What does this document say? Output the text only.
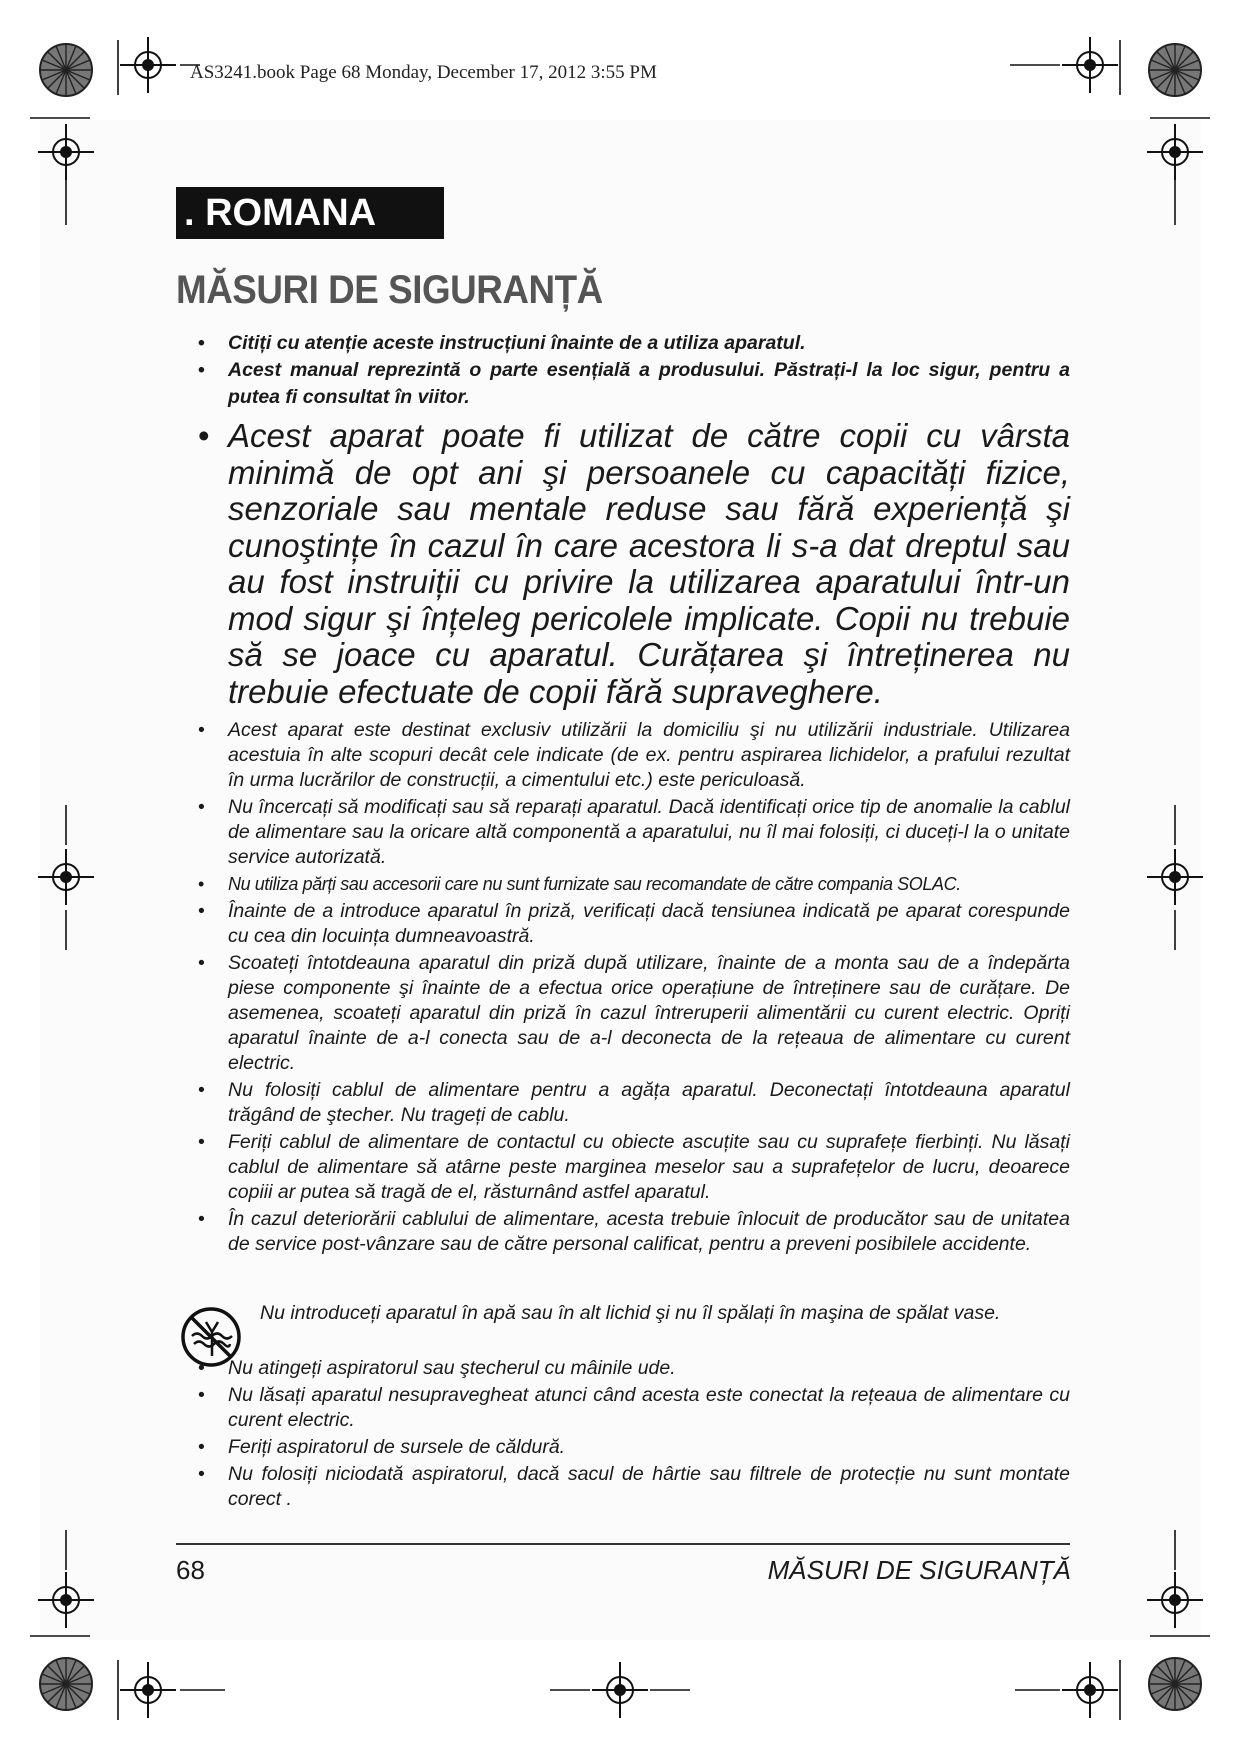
AS3241.book Page 68 Monday, December 17, 2012 3:55 PM
. ROMANA
MĂSURI DE SIGURANȚĂ
• Citiți cu atenție aceste instrucțiuni înainte de a utiliza aparatul.
• Acest manual reprezintă o parte esențială a produsului. Păstrați-l la loc sigur, pentru a putea fi consultat în viitor.
• Acest aparat poate fi utilizat de către copii cu vârsta minimă de opt ani şi persoanele cu capacități fizice, senzoriale sau mentale reduse sau fără experiență şi cunoştințe în cazul în care acestora li s-a dat dreptul sau au fost instruiții cu privire la utilizarea aparatului într-un mod sigur şi înțeleg pericolele implicate. Copii nu trebuie să se joace cu aparatul. Curățarea şi întreținerea nu trebuie efectuate de copii fără supraveghere.
• Acest aparat este destinat exclusiv utilizării la domiciliu şi nu utilizării industriale. Utilizarea acestuia în alte scopuri decât cele indicate (de ex. pentru aspirarea lichidelor, a prafului rezultat în urma lucrărilor de construcții, a cimentului etc.) este periculoasă.
• Nu încercați să modificați sau să reparați aparatul. Dacă identificați orice tip de anomalie la cablul de alimentare sau la oricare altă componentă a aparatului, nu îl mai folosiți, ci duceți-l la o unitate service autorizată.
• Nu utiliza părți sau accesorii care nu sunt furnizate sau recomandate de către compania SOLAC.
• Înainte de a introduce aparatul în priză, verificați dacă tensiunea indicată pe aparat corespunde cu cea din locuința dumneavoastră.
• Scoateți întotdeauna aparatul din priză după utilizare, înainte de a monta sau de a îndepărta piese componente şi înainte de a efectua orice operațiune de întreținere sau de curățare. De asemenea, scoateți aparatul din priză în cazul întreruperii alimentării cu curent electric. Opriți aparatul înainte de a-l conecta sau de a-l deconecta de la rețeaua de alimentare cu curent electric.
• Nu folosiți cablul de alimentare pentru a agăța aparatul. Deconectați întotdeauna aparatul trăgând de ştecher. Nu trageți de cablu.
• Feriți cablul de alimentare de contactul cu obiecte ascuțite sau cu suprafețe fierbinți. Nu lăsați cablul de alimentare să atârne peste marginea meselor sau a suprafețelor de lucru, deoarece copiii ar putea să tragă de el, răsturnând astfel aparatul.
• În cazul deteriorării cablului de alimentare, acesta trebuie înlocuit de producător sau de unitatea de service post-vânzare sau de către personal calificat, pentru a preveni posibilele accidente.
Nu introduceți aparatul în apă sau în alt lichid şi nu îl spălați în maşina de spălat vase.
• Nu atingeți aspiratorul sau ştecherul cu mâinile ude.
• Nu lăsați aparatul nesupravegheat atunci când acesta este conectat la rețeaua de alimentare cu curent electric.
• Feriți aspiratorul de sursele de căldură.
• Nu folosiți niciodată aspiratorul, dacă sacul de hârtie sau filtrele de protecție nu sunt montate corect .
68	MĂSURI DE SIGURANȚĂ
